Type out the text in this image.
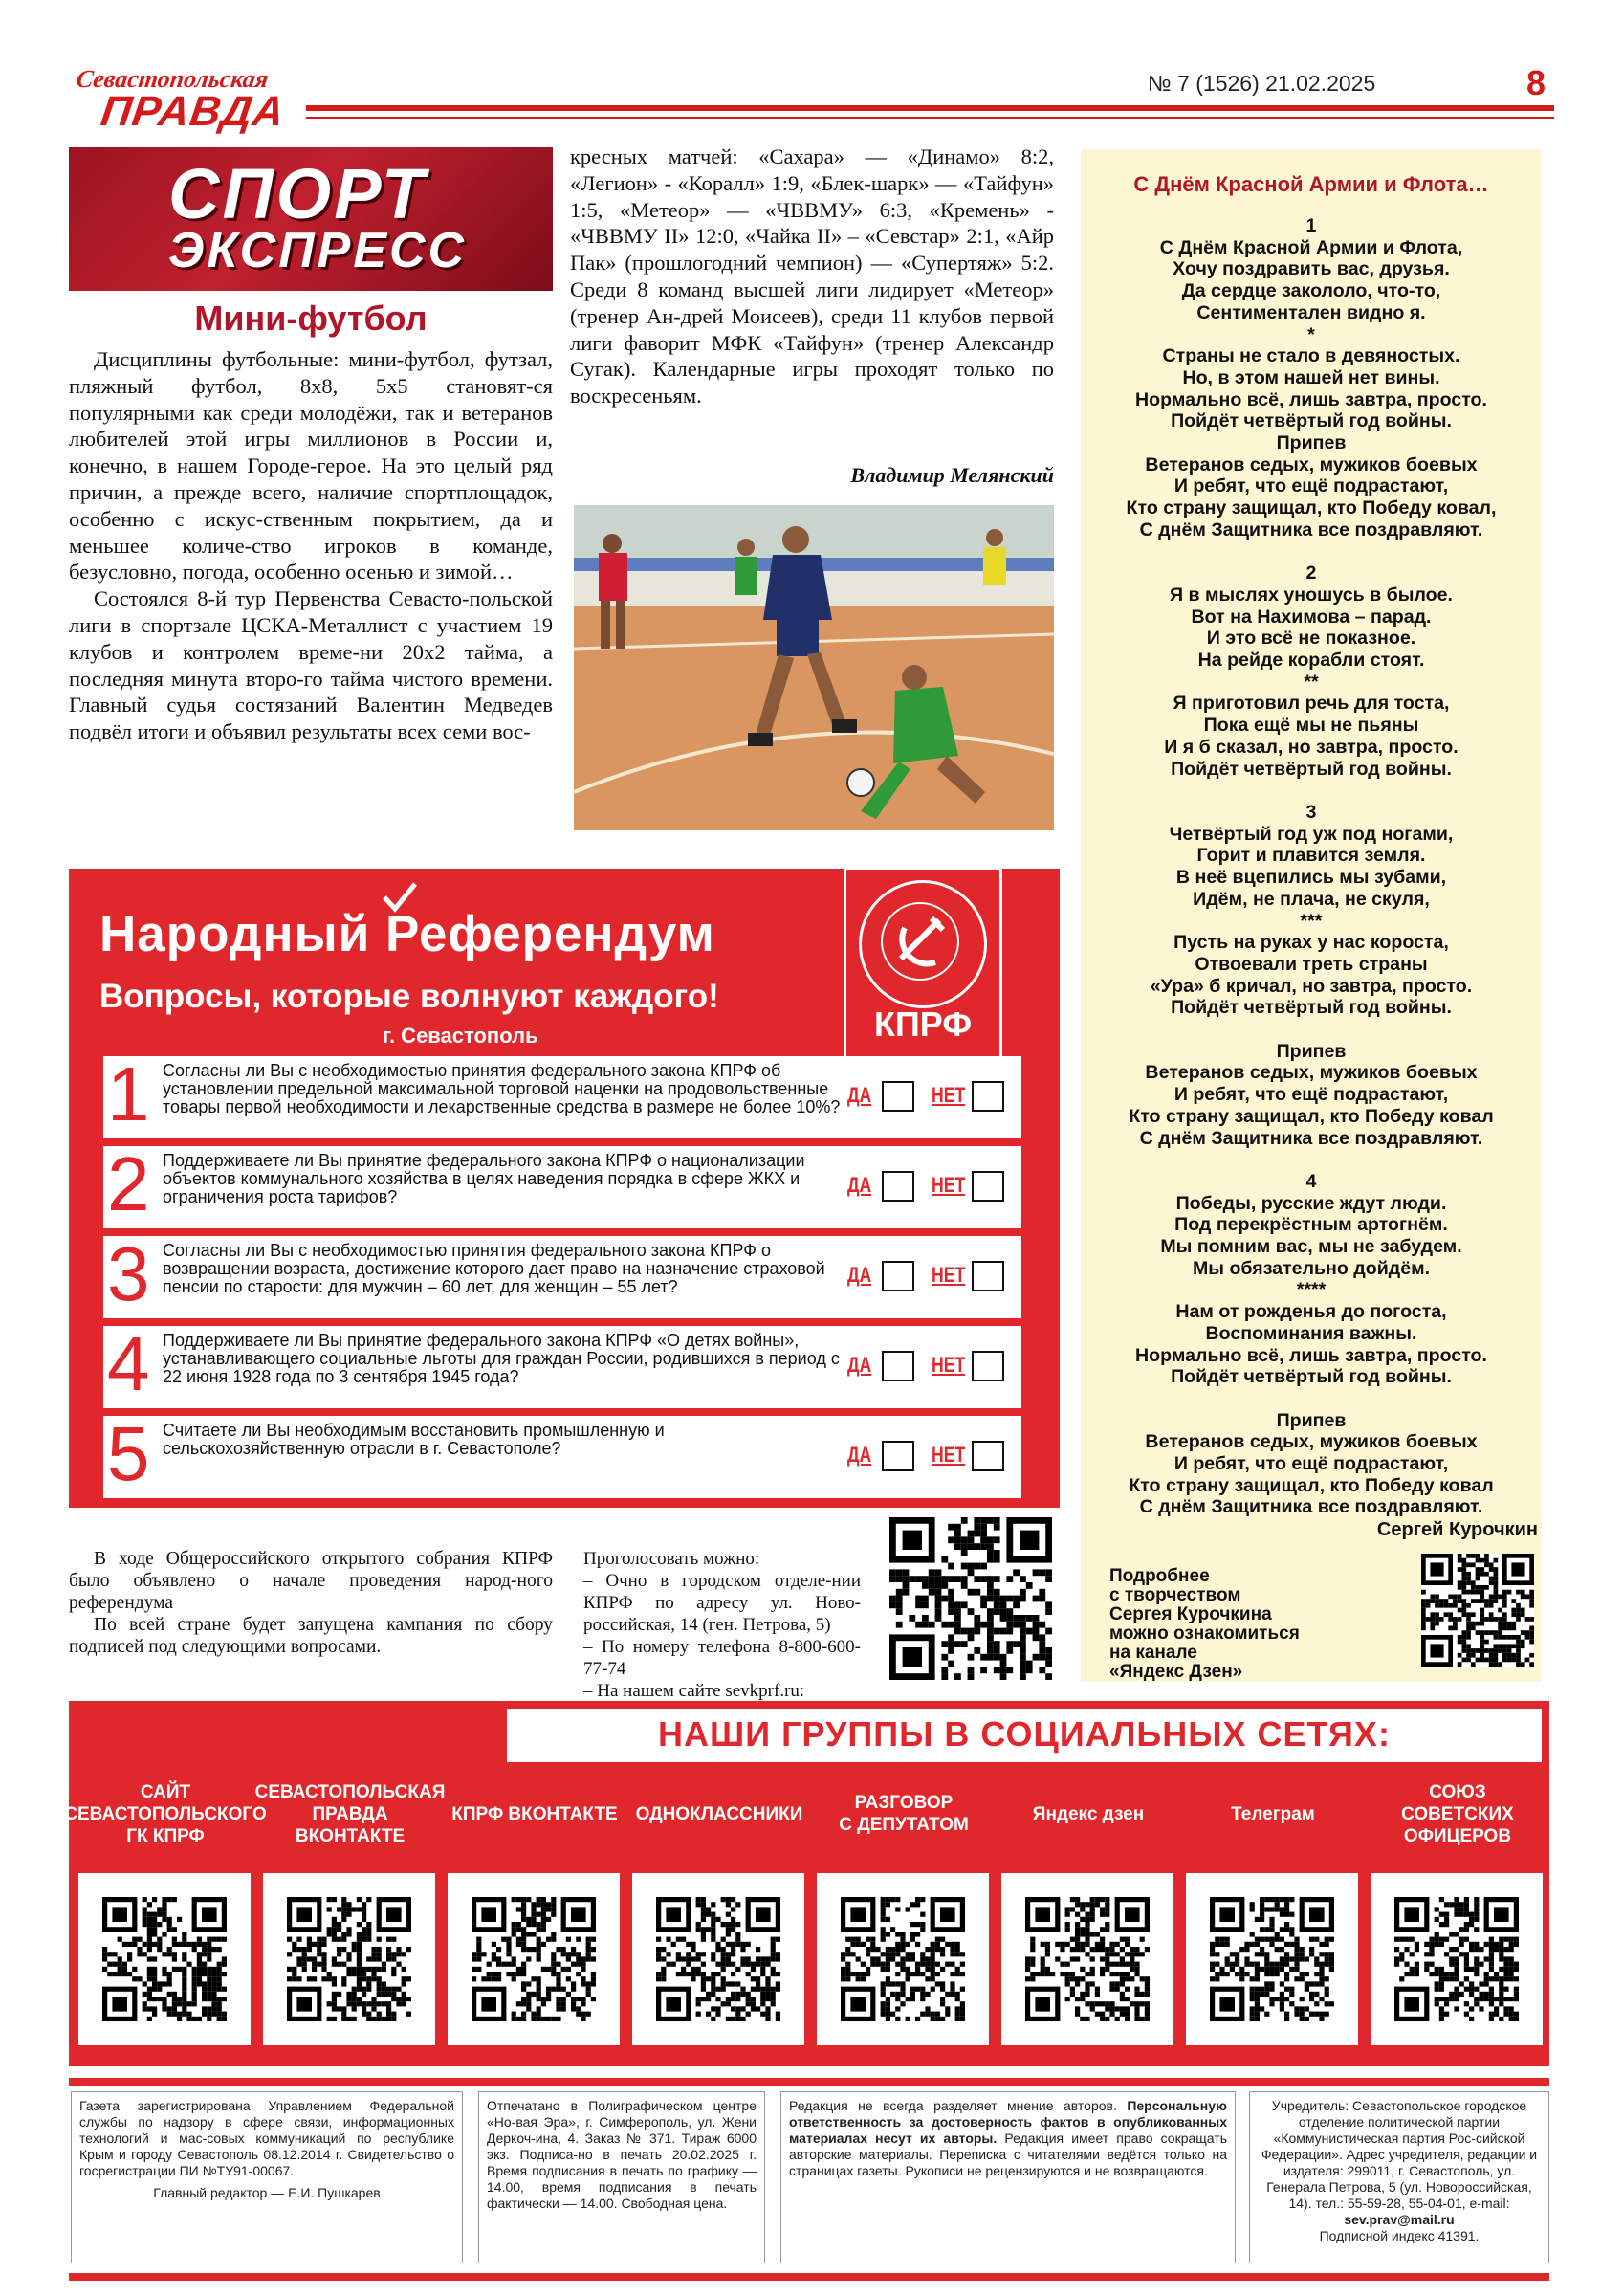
Севастопольская
ПРАВДА
№ 7 (1526) 21.02.2025	8
СПОРТ
ЭКСПРЕСС
Мини-футбол

Дисциплины футбольные: мини-футбол, футзал, пляжный футбол, 8х8, 5х5 становят-ся популярными как среди молодёжи, так и ветеранов любителей этой игры миллионов в России и, конечно, в нашем Городе-герое. На это целый ряд причин, а прежде всего, наличие спортплощадок, особенно с искус-ственным покрытием, да и меньшее количе-ство игроков в команде, безусловно, погода, особенно осенью и зимой…

Состоялся 8-й тур Первенства Севасто-польской лиги в спортзале ЦСКА-Металлист с участием 19 клубов и контролем време-ни 20х2 тайма, а последняя минута второ-го тайма чистого времени. Главный судья состязаний Валентин Медведев подвёл итоги и объявил результаты всех семи вос-

кресных матчей: «Сахара» — «Динамо» 8:2, «Легион» - «Коралл» 1:9, «Блек-шарк» — «Тайфун» 1:5, «Метеор» — «ЧВВМУ» 6:3, «Кремень» - «ЧВВМУ II» 12:0, «Чайка II» – «Севстар» 2:1, «Айр Пак» (прошлогодний чемпион) — «Супертяж» 5:2. Среди 8 команд высшей лиги лидирует «Метеор» (тренер Ан-дрей Моисеев), среди 11 клубов первой лиги фаворит МФК «Тайфун» (тренер Александр Сугак). Календарные игры проходят только по воскресеньям.

Владимир Мелянский
С Днём Красной Армии и Флота…
1
С Днём Красной Армии и Флота,
Хочу поздравить вас, друзья.
Да сердце закололо, что-то,
Сентиментален видно я.
*
Страны не стало в девяностых.
Но, в этом нашей нет вины.
Нормально всё, лишь завтра, просто.
Пойдёт четвёртый год войны.
Припев
Ветеранов седых, мужиков боевых
И ребят, что ещё подрастают,
Кто страну защищал, кто Победу ковал,
С днём Защитника все поздравляют.

2
Я в мыслях уношусь в былое.
Вот на Нахимова – парад.
И это всё не показное.
На рейде корабли стоят.
**
Я приготовил речь для тоста,
Пока ещё мы не пьяны
И я б сказал, но завтра, просто.
Пойдёт четвёртый год войны.

3
Четвёртый год уж под ногами,
Горит и плавится земля.
В неё вцепились мы зубами,
Идём, не плача, не скуля,
***
Пусть на руках у нас короста,
Отвоевали треть страны
«Ура» б кричал, но завтра, просто.
Пойдёт четвёртый год войны.

Припев
Ветеранов седых, мужиков боевых
И ребят, что ещё подрастают,
Кто страну защищал, кто Победу ковал
С днём Защитника все поздравляют.

4
Победы, русские ждут люди.
Под перекрёстным артогнём.
Мы помним вас, мы не забудем.
Мы обязательно дойдём.
****
Нам от рожденья до погоста,
Воспоминания важны.
Нормально всё, лишь завтра, просто.
Пойдёт четвёртый год войны.

Припев
Ветеранов седых, мужиков боевых
И ребят, что ещё подрастают,
Кто страну защищал, кто Победу ковал
С днём Защитника все поздравляют.
Сергей Курочкин
Подробнее
с творчеством
Сергея Курочкина
можно ознакомиться
на канале
«Яндекс Дзен»
Народный Референдум
Вопросы, которые волнуют каждого!
г. Севастополь	КПРФ
1 Согласны ли Вы с необходимостью принятия федерального закона КПРФ об установлении предельной максимальной торговой наценки на продовольственные товары первой необходимости и лекарственные средства в размере не более 10%? ДА	НЕТ
2 Поддерживаете ли Вы принятие федерального закона КПРФ о национализации объектов коммунального хозяйства в целях наведения порядка в сфере ЖКХ и ограничения роста тарифов?	ДА	НЕТ
3 Согласны ли Вы с необходимостью принятия федерального закона КПРФ о возвращении возраста, достижение которого дает право на назначение страховой пенсии по старости: для мужчин – 60 лет, для женщин – 55 лет?	ДА	НЕТ
4 Поддерживаете ли Вы принятие федерального закона КПРФ «О детях войны», устанавливающего социальные льготы для граждан России, родившихся в период с 22 июня 1928 года по 3 сентября 1945 года?	ДА	НЕТ
5 Считаете ли Вы необходимым восстановить промышленную и сельскохозяйственную отрасли в г. Севастополе?	ДА	НЕТ

В ходе Общероссийского открытого собрания КПРФ было объявлено о начале проведения народ-ного референдума

По всей стране будет запущена кампания по сбору подписей под следующими вопросами.

Проголосовать можно:
– Очно в городском отделе-нии КПРФ по адресу ул. Ново-российская, 14 (ген. Петрова, 5)
– По номеру телефона 8-800-600-77-74
– На нашем сайте sevkprf.ru:
НАШИ ГРУППЫ В СОЦИАЛЬНЫХ СЕТЯХ:
САЙТ
СЕВАСТОПОЛЬСКОГО
ГК КПРФ
СЕВАСТОПОЛЬСКАЯ
ПРАВДА
ВКОНТАКТЕ
КПРФ ВКОНТАКТЕ ОДНОКЛАССНИКИ
РАЗГОВОР
С ДЕПУТАТОМ
Яндекс дзен	Телеграм
СОЮЗ
СОВЕТСКИХ
ОФИЦЕРОВ
Газета зарегистрирована Управлением Федеральной службы по надзору в сфере связи, информационных технологий и мас-совых коммуникаций по республике Крым и городу Севастополь 08.12.2014 г. Свидетельство о госрегистрации ПИ №ТУ91-00067.
Главный редактор — Е.И. Пушкарев
Отпечатано в Полиграфическом центре «Но-вая Эра», г. Симферополь, ул. Жени Деркоч-ина, 4. Заказ № 371. Тираж 6000 экз. Подписа-но в печать 20.02.2025 г. Время подписания в печать по графику — 14.00, время подписания в печать фактически — 14.00. Свободная цена.
Редакция не всегда разделяет мнение авторов. Персональную ответственность за достоверность фактов в опубликованных материалах несут их авторы. Редакция имеет право сокращать авторские материалы. Переписка с читателями ведётся только на страницах газеты. Рукописи не рецензируются и не возвращаются.
Учредитель: Севастопольское городское отделение политической партии «Коммунистическая партия Рос-сийской Федерации». Адрес учредителя, редакции и издателя: 299011, г. Севастополь, ул. Генерала Петрова, 5 (ул. Новороссийская, 14). тел.: 55-59-28, 55-04-01, e-mail: sev.prav@mail.ru
Подписной индекс 41391.
